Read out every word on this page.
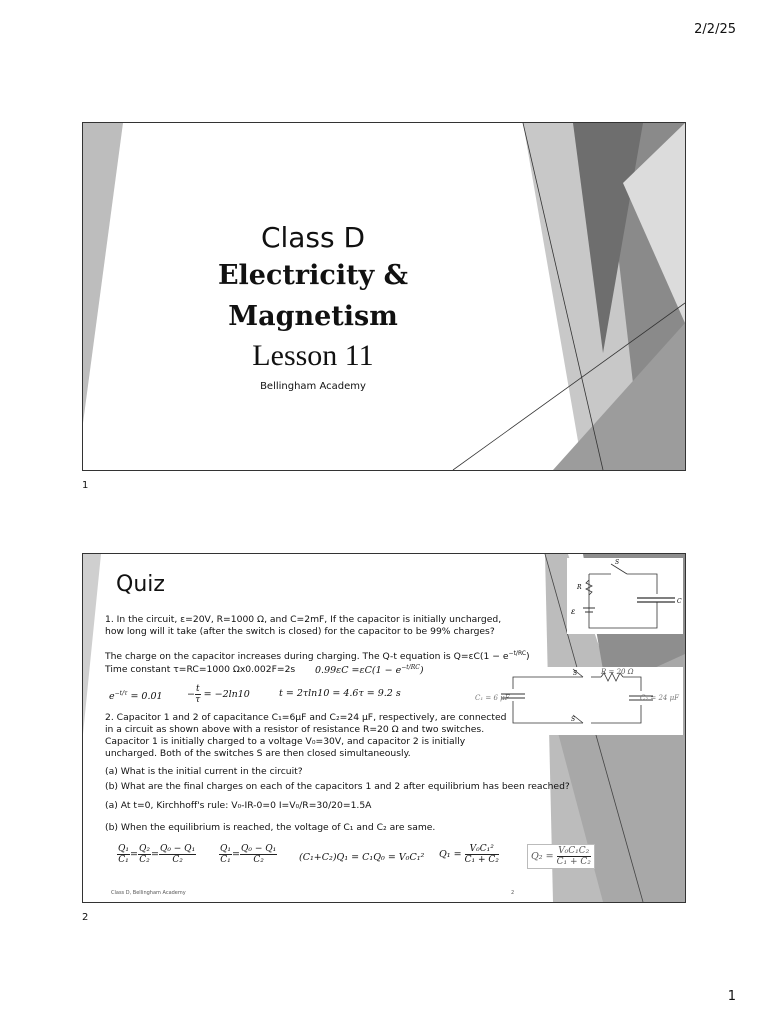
2/2/25
Class D
Electricity &
Magnetism
Lesson 11
Bellingham Academy
1
Quiz
S
ε
C
R
C₁ = 6 μF	C₂ = 24 μF
R = 20 Ω
S
S
1. In the circuit, ε=20V, R=1000 Ω, and C=2mF, If the capacitor is initially uncharged,
how long will it take (after the switch is closed) for the capacitor to be 99% charges?
The charge on the capacitor increases during charging. The Q-t equation is $Q=\varepsilon C(1 - e^{-t/RC})$
Time constant τ=RC=1000 Ωx0.002F=2s $0.99\varepsilon C =\varepsilon C(1 - e^{-t/RC})$
$e^{-t/\tau} = 0.01$	− $\frac{t}{\tau} = -2\ln 10$	t = 2τln10 = 4.6τ = 9.2 s
2. Capacitor 1 and 2 of capacitance C₁=6μF and C₂=24 μF, respectively, are connected
in a circuit as shown above with a resistor of resistance R=20 Ω and two switches.
Capacitor 1 is initially charged to a voltage V₀=30V, and capacitor 2 is initially
uncharged. Both of the switches S are then closed simultaneously.
(a) What is the initial current in the circuit?
(b) What are the final charges on each of the capacitors 1 and 2 after equilibrium has been reached?
(a) At t=0, Kirchhoff's rule: V₀-IR-0=0 I=V₀/R=30/20=1.5A
(b) When the equilibrium is reached, the voltage of C₁ and C₂ are same.
$\frac{\text{Q₁}}{\text{C₁}} = \frac{\text{Q₂}}{\text{C₂}} = \frac{\text{Q₀ − Q₁}}{\text{C₂}}$	$\frac{\text{Q₁}}{\text{C₁}} = \frac{\text{Q₀ − Q₁}}{\text{C₂}} (C_1+C_2)Q_1 = C_1Q_0 = V_0C_1^2$ $Q_1 = \frac{\text{V₀C₁²}}{\text{C₁ + C₂}}$	$Q_2 = \frac{\text{V₀C₁C₂}}{\text{C₁ + C₂}}$
Class D, Bellingham Academy	2
2
1
